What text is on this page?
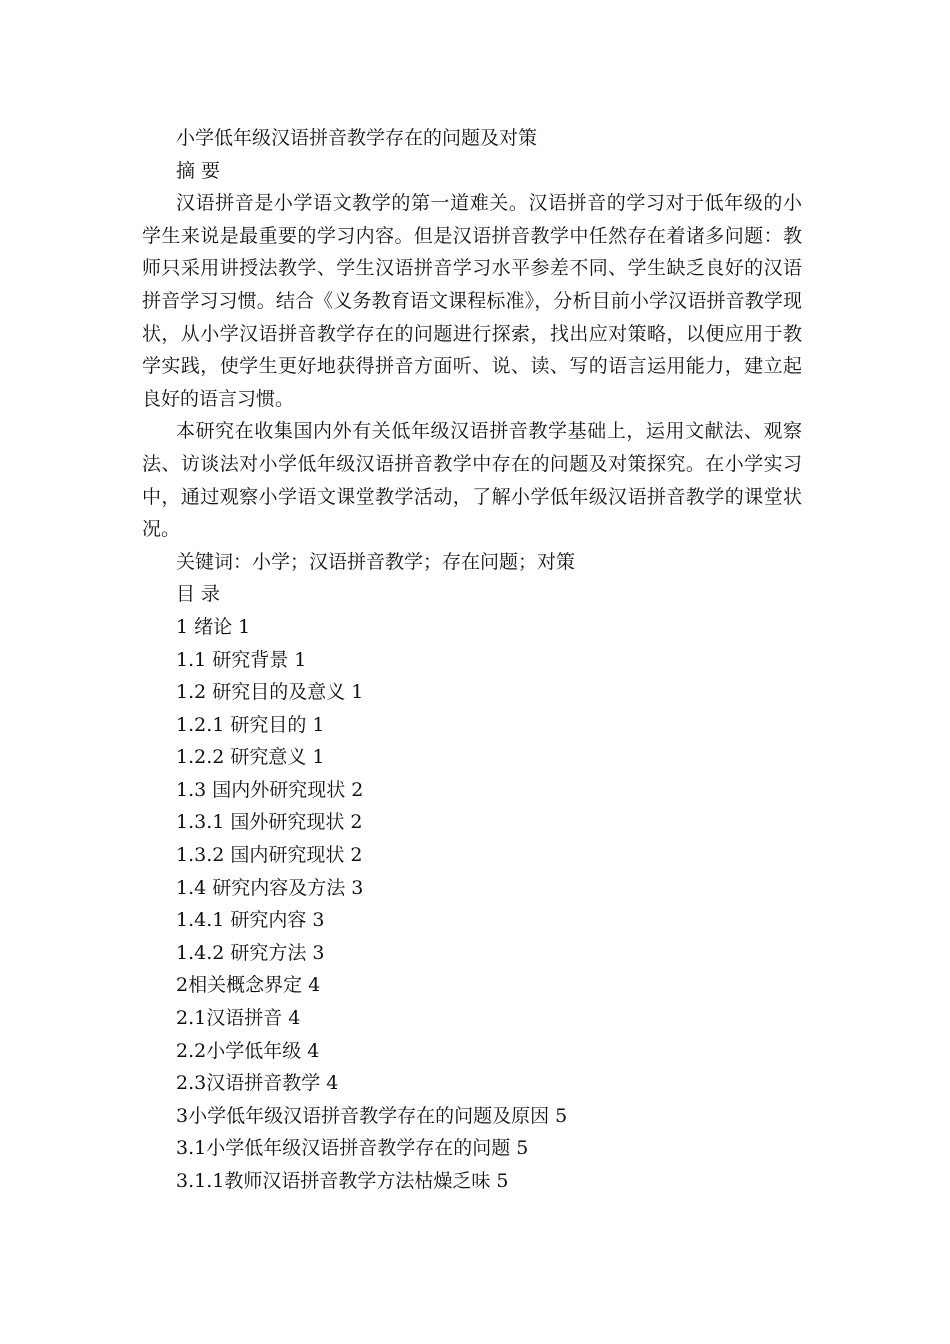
小学低年级汉语拼音教学存在的问题及对策
摘 要

汉语拼音是小学语文教学的第一道难关。汉语拼音的学习对于低年级的小学生来说是最重要的学习内容。但是汉语拼音教学中任然存在着诸多问题：教师只采用讲授法教学、学生汉语拼音学习水平参差不同、学生缺乏良好的汉语拼音学习习惯。结合《义务教育语文课程标准》，分析目前小学汉语拼音教学现状，从小学汉语拼音教学存在的问题进行探索，找出应对策略，以便应用于教学实践，使学生更好地获得拼音方面听、说、读、写的语言运用能力，建立起良好的语言习惯。

本研究在收集国内外有关低年级汉语拼音教学基础上，运用文献法、观察法、访谈法对小学低年级汉语拼音教学中存在的问题及对策探究。在小学实习中，通过观察小学语文课堂教学活动，了解小学低年级汉语拼音教学的课堂状况。

关键词：小学；汉语拼音教学；存在问题；对策
目 录
1 绪论 1
1.1 研究背景 1
1.2 研究目的及意义 1
1.2.1 研究目的 1
1.2.2 研究意义 1
1.3 国内外研究现状 2
1.3.1 国外研究现状 2
1.3.2 国内研究现状 2
1.4 研究内容及方法 3
1.4.1 研究内容 3
1.4.2 研究方法 3
2相关概念界定 4
2.1汉语拼音 4
2.2小学低年级 4
2.3汉语拼音教学 4
3小学低年级汉语拼音教学存在的问题及原因 5
3.1小学低年级汉语拼音教学存在的问题 5
3.1.1教师汉语拼音教学方法枯燥乏味 5
